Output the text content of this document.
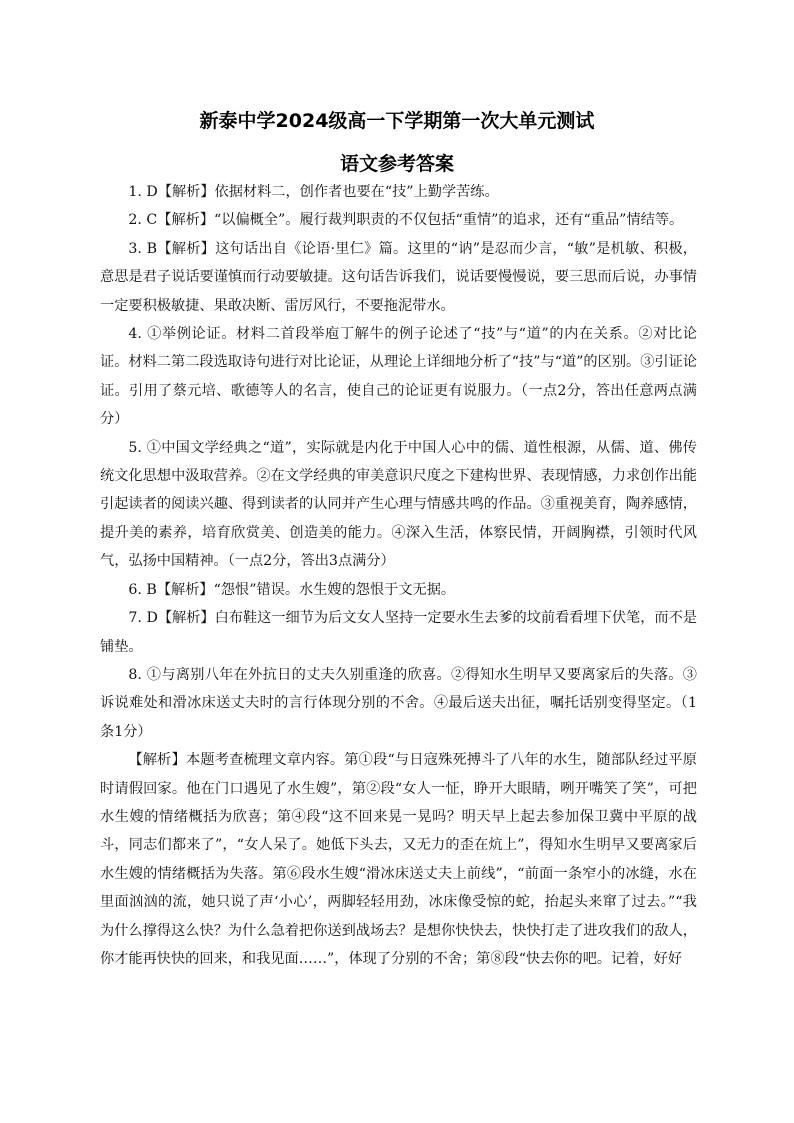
新泰中学2024级高一下学期第一次大单元测试
语文参考答案

1. D【解析】依据材料二，创作者也要在“技”上勤学苦练。

2. C【解析】“以偏概全”。履行裁判职责的不仅包括“重情”的追求，还有“重品”情结等。

3. B【解析】这句话出自《论语·里仁》篇。这里的“讷”是忍而少言，“敏”是机敏、积极，意思是君子说话要谨慎而行动要敏捷。这句话告诉我们，说话要慢慢说，要三思而后说，办事情一定要积极敏捷、果敢决断、雷厉风行，不要拖泥带水。

4. ①举例论证。材料二首段举庖丁解牛的例子论述了“技”与“道”的内在关系。②对比论证。材料二第二段选取诗句进行对比论证，从理论上详细地分析了“技”与“道”的区别。③引证论证。引用了蔡元培、歌德等人的名言，使自己的论证更有说服力。（一点2分，答出任意两点满分）

5. ①中国文学经典之“道”，实际就是内化于中国人心中的儒、道性根源，从儒、道、佛传统文化思想中汲取营养。②在文学经典的审美意识尺度之下建构世界、表现情感，力求创作出能引起读者的阅读兴趣、得到读者的认同并产生心理与情感共鸣的作品。③重视美育，陶养感情，提升美的素养，培育欣赏美、创造美的能力。④深入生活，体察民情，开阔胸襟，引领时代风气，弘扬中国精神。（一点2分，答出3点满分）

6. B【解析】“怨恨”错误。水生嫂的怨恨于文无据。

7. D【解析】白布鞋这一细节为后文女人坚持一定要水生去爹的坟前看看埋下伏笔，而不是铺垫。

8. ①与离别八年在外抗日的丈夫久别重逢的欣喜。②得知水生明早又要离家后的失落。③诉说难处和滑冰床送丈夫时的言行体现分别的不舍。④最后送夫出征，嘱托话别变得坚定。（1条1分）

【解析】本题考查梳理文章内容。第①段“与日寇殊死搏斗了八年的水生，随部队经过平原时请假回家。他在门口遇见了水生嫂”，第②段“女人一怔，睁开大眼睛，咧开嘴笑了笑”，可把水生嫂的情绪概括为欣喜；第④段“这不回来晃一晃吗？明天早上起去参加保卫冀中平原的战斗，同志们都来了”，“女人呆了。她低下头去，又无力的歪在炕上”，得知水生明早又要离家后水生嫂的情绪概括为失落。第⑥段水生嫂“滑冰床送丈夫上前线”，“前面一条窄小的冰缝，水在里面汹汹的流，她只说了声‘小心’，两脚轻轻用劲，冰床像受惊的蛇，抬起头来窜了过去。”“我为什么撑得这么快？为什么急着把你送到战场去？是想你快快去，快快打走了进攻我们的敌人，你才能再快快的回来，和我见面……”，体现了分别的不舍；第⑧段“快去你的吧。记着，好好
